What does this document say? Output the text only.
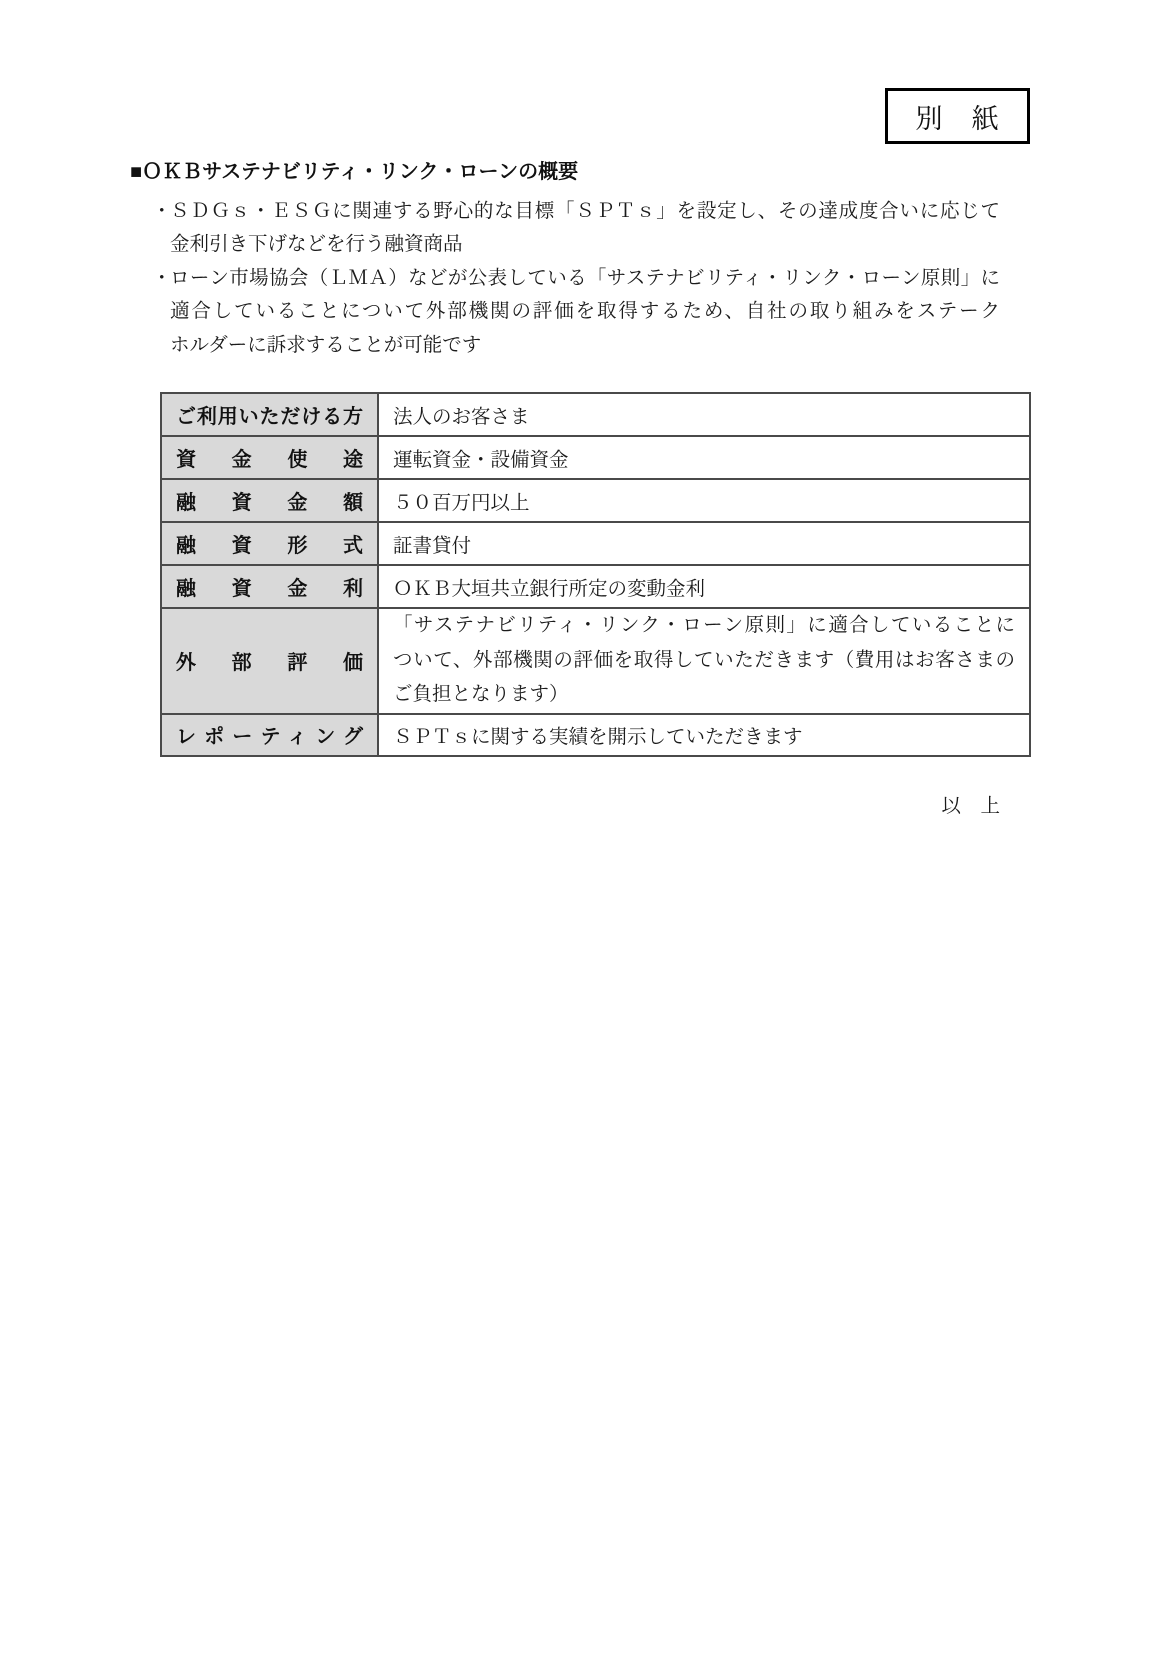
別　紙
■ＯＫＢサステナビリティ・リンク・ローンの概要
・
ＳＤＧｓ・ＥＳＧに関連する野心的な目標「ＳＰＴｓ」を設定し、その達成度合いに応じて
金利引き下げなどを行う融資商品
・
ローン市場協会（ＬＭＡ）などが公表している「サステナビリティ・リンク・ローン原則」に
適合していることについて外部機関の評価を取得するため、自社の取り組みをステーク
ホルダーに訴求することが可能です
ご利用いただける方	法人のお客さま
資　金　使　途	運転資金・設備資金
融　資　金　額	５０百万円以上
融　資　形　式	証書貸付
融　資　金　利	ＯＫＢ大垣共立銀行所定の変動金利
外　部　評　価	「サステナビリティ・リンク・ローン原則」に適合していることに
ついて、外部機関の評価を取得していただきます（費用はお客さまの
ご負担となります）

レポーティング	ＳＰＴｓに関する実績を開示していただきます
以　上
